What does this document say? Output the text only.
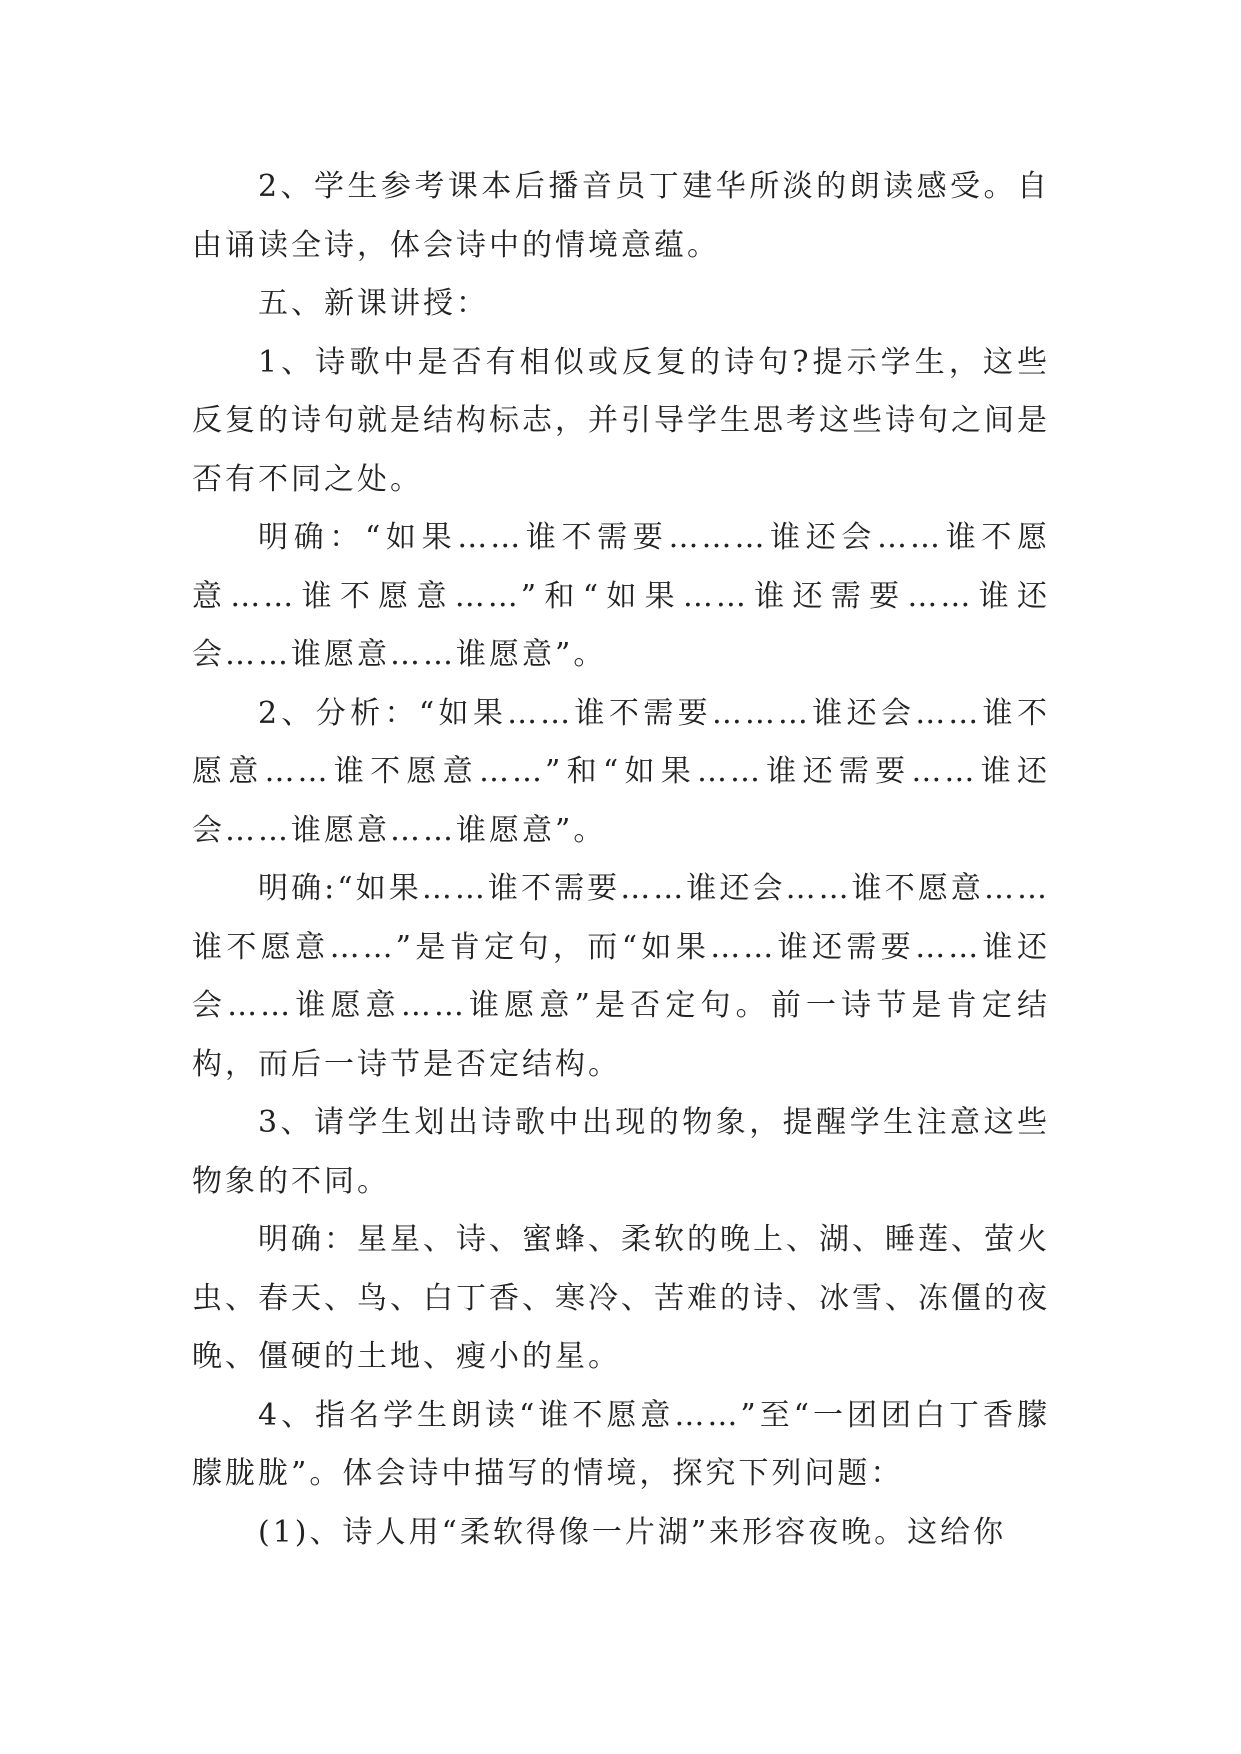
2、学生参考课本后播音员丁建华所淡的朗读感受。自由诵读全诗，体会诗中的情境意蕴。

五、新课讲授：

1、诗歌中是否有相似或反复的诗句?提示学生，这些反复的诗句就是结构标志，并引导学生思考这些诗句之间是否有不同之处。

明确：“如果……谁不需要………谁还会……谁不愿意……谁不愿意……”和“如果……谁还需要……谁还会……谁愿意……谁愿意”。

2、分析：“如果……谁不需要………谁还会……谁不愿意……谁不愿意……”和“如果……谁还需要……谁还会……谁愿意……谁愿意”。

明确:“如果……谁不需要……谁还会……谁不愿意……谁不愿意……”是肯定句，而“如果……谁还需要……谁还会……谁愿意……谁愿意”是否定句。前一诗节是肯定结构，而后一诗节是否定结构。

3、请学生划出诗歌中出现的物象，提醒学生注意这些物象的不同。

明确：星星、诗、蜜蜂、柔软的晚上、湖、睡莲、萤火虫、春天、鸟、白丁香、寒冷、苦难的诗、冰雪、冻僵的夜晚、僵硬的土地、瘦小的星。

4、指名学生朗读“谁不愿意……”至“一团团白丁香朦朦胧胧”。体会诗中描写的情境，探究下列问题：

(1)、诗人用“柔软得像一片湖”来形容夜晚。这给你
